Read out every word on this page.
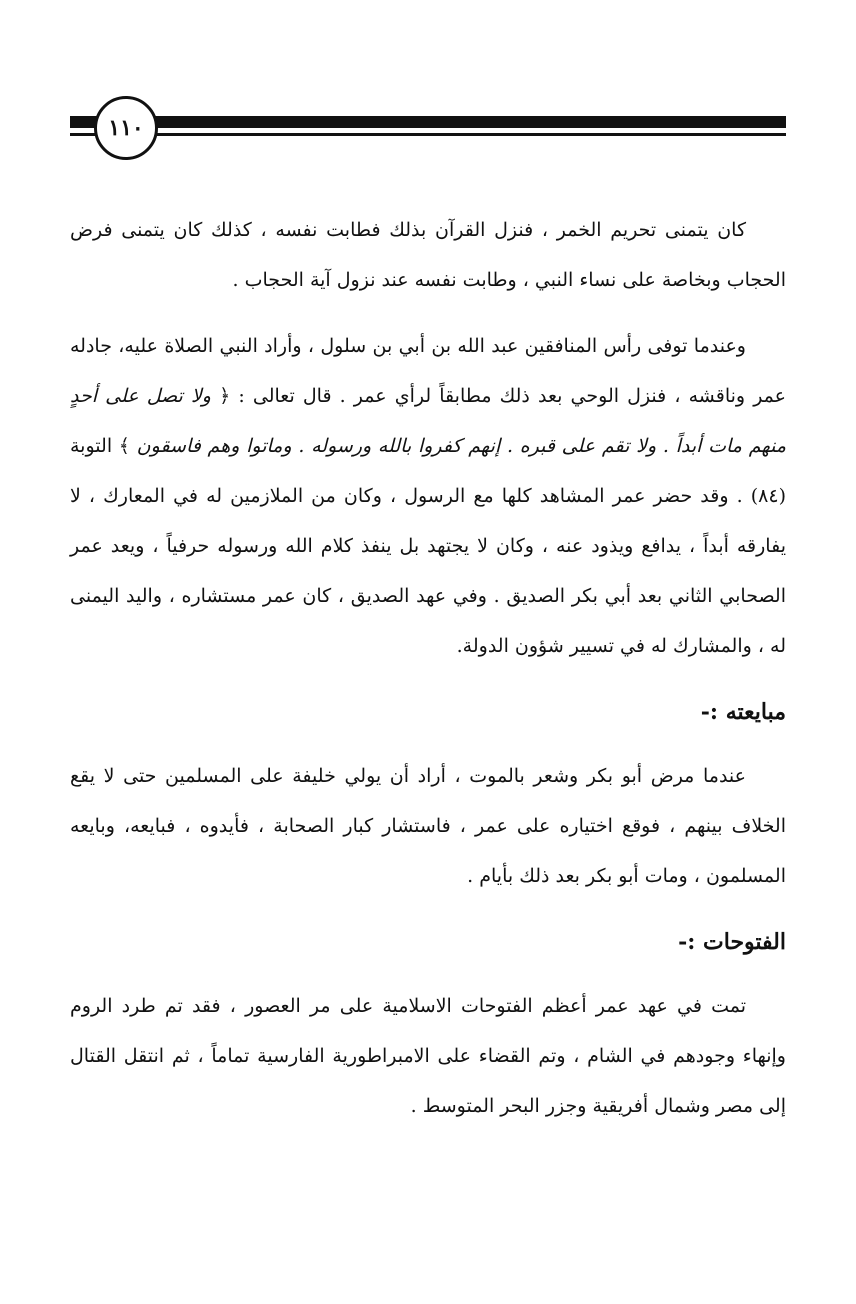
١١٠

كان يتمنى تحريم الخمر ، فنزل القرآن بذلك فطابت نفسه ، كذلك كان يتمنى فرض الحجاب وبخاصة على نساء النبي ، وطابت نفسه عند نزول آية الحجاب .

وعندما توفى رأس المنافقين عبد الله بن أبي بن سلول ، وأراد النبي الصلاة عليه، جادله عمر وناقشه ، فنزل الوحي بعد ذلك مطابقاً لرأي عمر . قال تعالى : ﴿ ولا تصل على أحدٍ منهم مات أبداً . ولا تقم على قبره . إنهم كفروا بالله ورسوله . وماتوا وهم فاسقون ﴾ التوبة (٨٤) . وقد حضر عمر المشاهد كلها مع الرسول ، وكان من الملازمين له في المعارك ، لا يفارقه أبداً ، يدافع ويذود عنه ، وكان لا يجتهد بل ينفذ كلام الله ورسوله حرفياً ، ويعد عمر الصحابي الثاني بعد أبي بكر الصديق . وفي عهد الصديق ، كان عمر مستشاره ، واليد اليمنى له ، والمشارك له في تسيير شؤون الدولة.

مبايعته :-

عندما مرض أبو بكر وشعر بالموت ، أراد أن يولي خليفة على المسلمين حتى لا يقع الخلاف بينهم ، فوقع اختياره على عمر ، فاستشار كبار الصحابة ، فأيدوه ، فبايعه، وبايعه المسلمون ، ومات أبو بكر بعد ذلك بأيام .

الفتوحات :-

تمت في عهد عمر أعظم الفتوحات الاسلامية على مر العصور ، فقد تم طرد الروم وإنهاء وجودهم في الشام ، وتم القضاء على الامبراطورية الفارسية تماماً ، ثم انتقل القتال إلى مصر وشمال أفريقية وجزر البحر المتوسط .
